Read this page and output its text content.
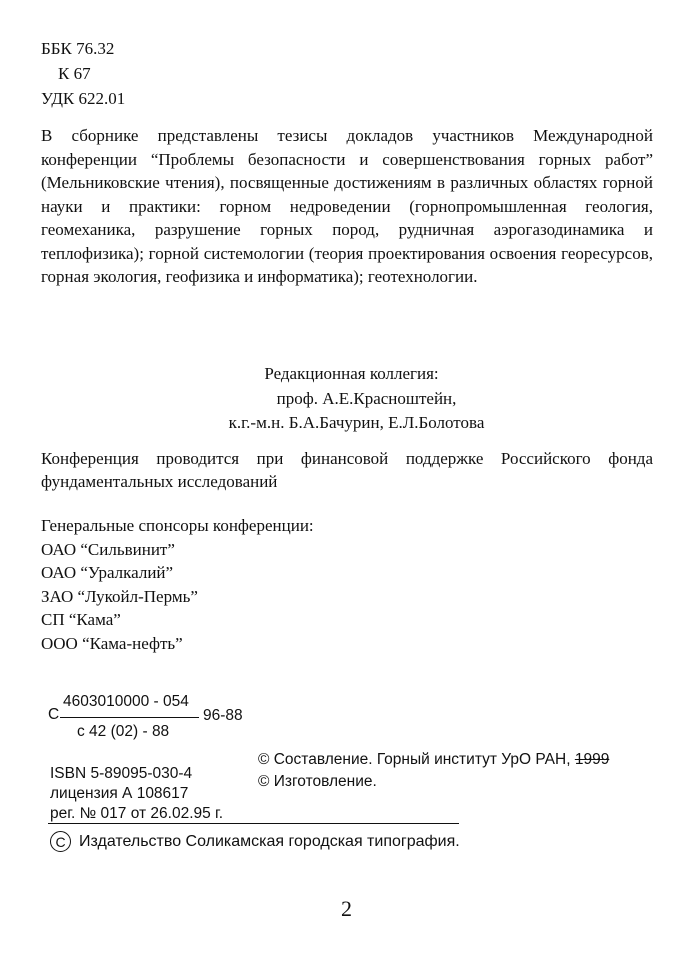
ББК 76.32
К 67
УДК 622.01
В сборнике представлены тезисы докладов участников Международной конференции “Проблемы безопасности и совершенствования горных работ” (Мельниковские чтения), посвященные достижениям в различных областях горной науки и практики: горном недроведении (горнопромышленная геология, геомеханика, разрушение горных пород, рудничная аэрогазодинамика и теплофизика); горной системологии (теория проектирования освоения георесурсов, горная экология, геофизика и информатика); геотехнологии.
Редакционная коллегия:
проф. А.Е.Красноштейн,
к.г.-м.н. Б.А.Бачурин, Е.Л.Болотова
Конференция проводится при финансовой поддержке Российского фонда фундаментальных исследований
Генеральные спонсоры конференции:
ОАО “Сильвинит”
ОАО “Уралкалий”
ЗАО “Лукойл-Пермь”
СП “Кама”
ООО “Кама-нефть”
4603010000 - 054
С	96-88
с 42 (02) - 88
ISBN 5-89095-030-4
лицензия А 108617
рег. № 017 от 26.02.95 г.
© Составление. Горный институт УрО РАН, 1999
© Изготовление.
C Издательство Соликамская городская типография.
2
